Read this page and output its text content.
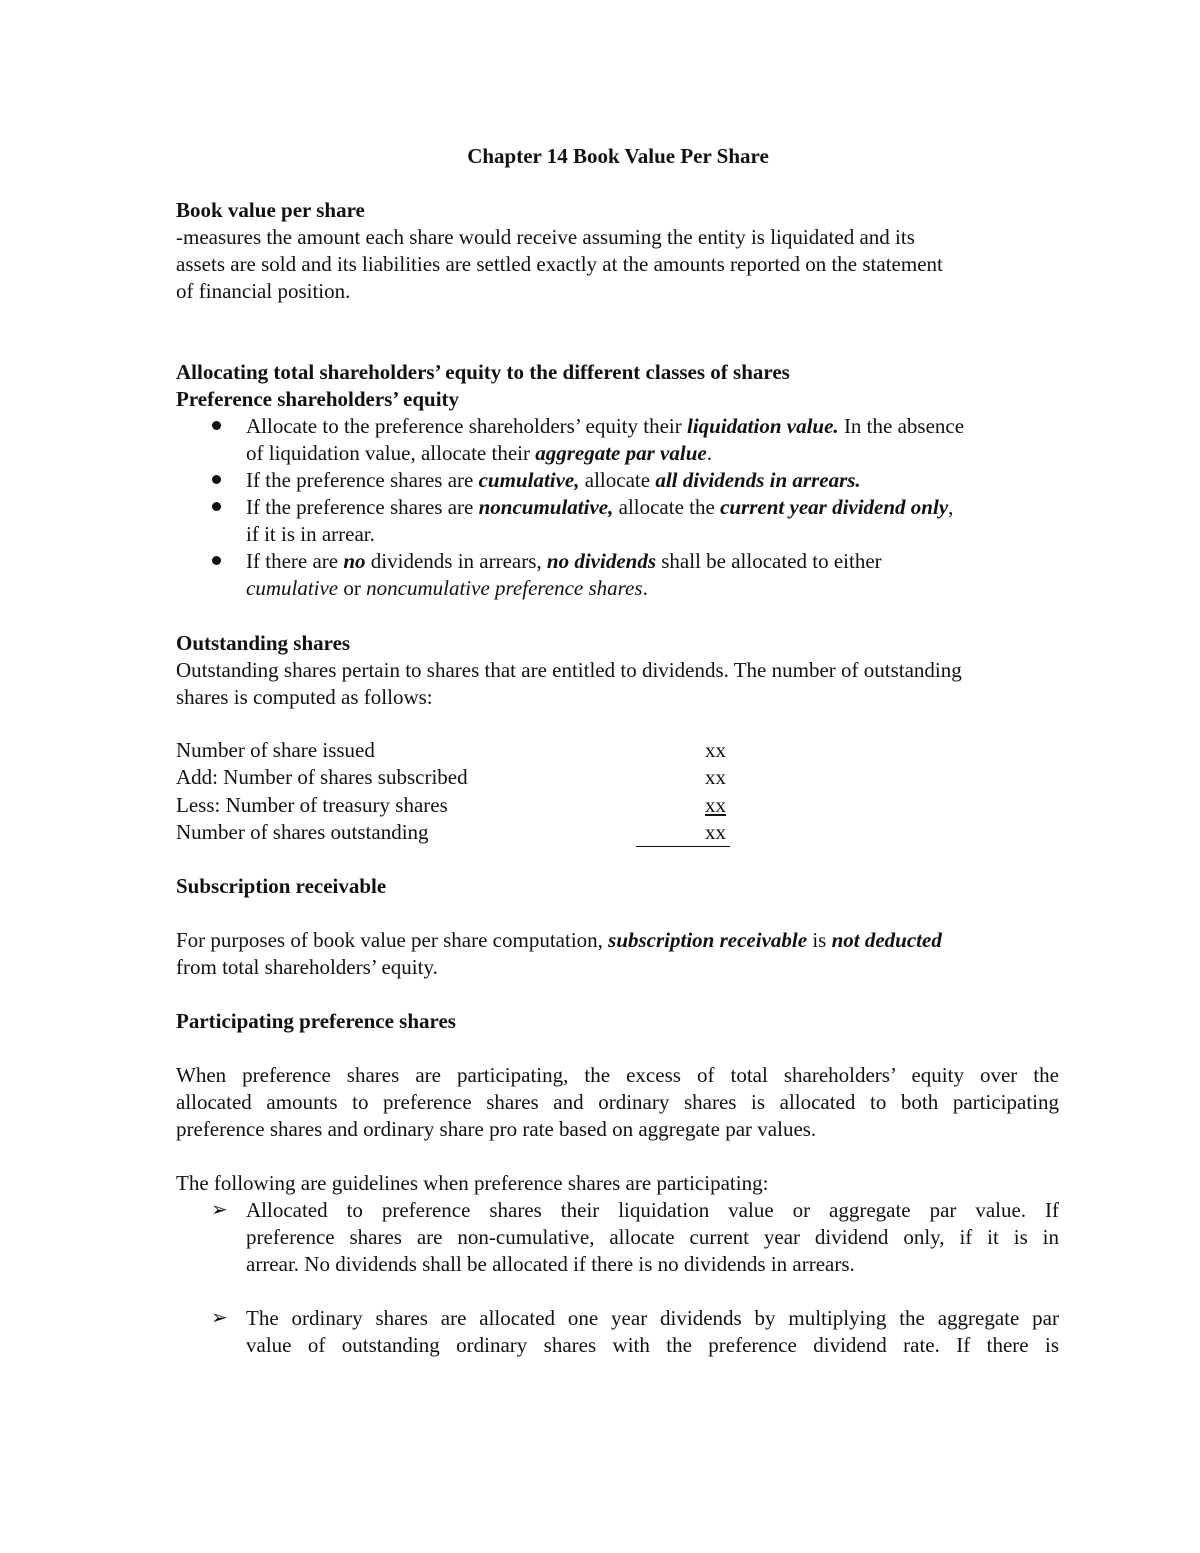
Chapter 14 Book Value Per Share
Book value per share
-measures the amount each share would receive assuming the entity is liquidated and its
assets are sold and its liabilities are settled exactly at the amounts reported on the statement
of financial position.
Allocating total shareholders’ equity to the different classes of shares
Preference shareholders’ equity
Allocate to the preference shareholders’ equity their liquidation value. In the absence
of liquidation value, allocate their aggregate par value.
If the preference shares are cumulative, allocate all dividends in arrears.
If the preference shares are noncumulative, allocate the current year dividend only,
if it is in arrear.
If there are no dividends in arrears, no dividends shall be allocated to either
cumulative or noncumulative preference shares.
Outstanding shares
Outstanding shares pertain to shares that are entitled to dividends. The number of outstanding
shares is computed as follows:
Number of share issued	xx
Add: Number of shares subscribed	xx
Less: Number of treasury shares	xx
Number of shares outstanding	xx
Subscription receivable
For purposes of book value per share computation, subscription receivable is not deducted
from total shareholders’ equity.
Participating preference shares
When preference shares are participating, the excess of total shareholders’ equity over the
allocated amounts to preference shares and ordinary shares is allocated to both participating
preference shares and ordinary share pro rate based on aggregate par values.
The following are guidelines when preference shares are participating:
➢ Allocated to preference shares their liquidation value or aggregate par value. If
preference shares are non-cumulative, allocate current year dividend only, if it is in
arrear. No dividends shall be allocated if there is no dividends in arrears.
➢ The ordinary shares are allocated one year dividends by multiplying the aggregate par
value of outstanding ordinary shares with the preference dividend rate. If there is
